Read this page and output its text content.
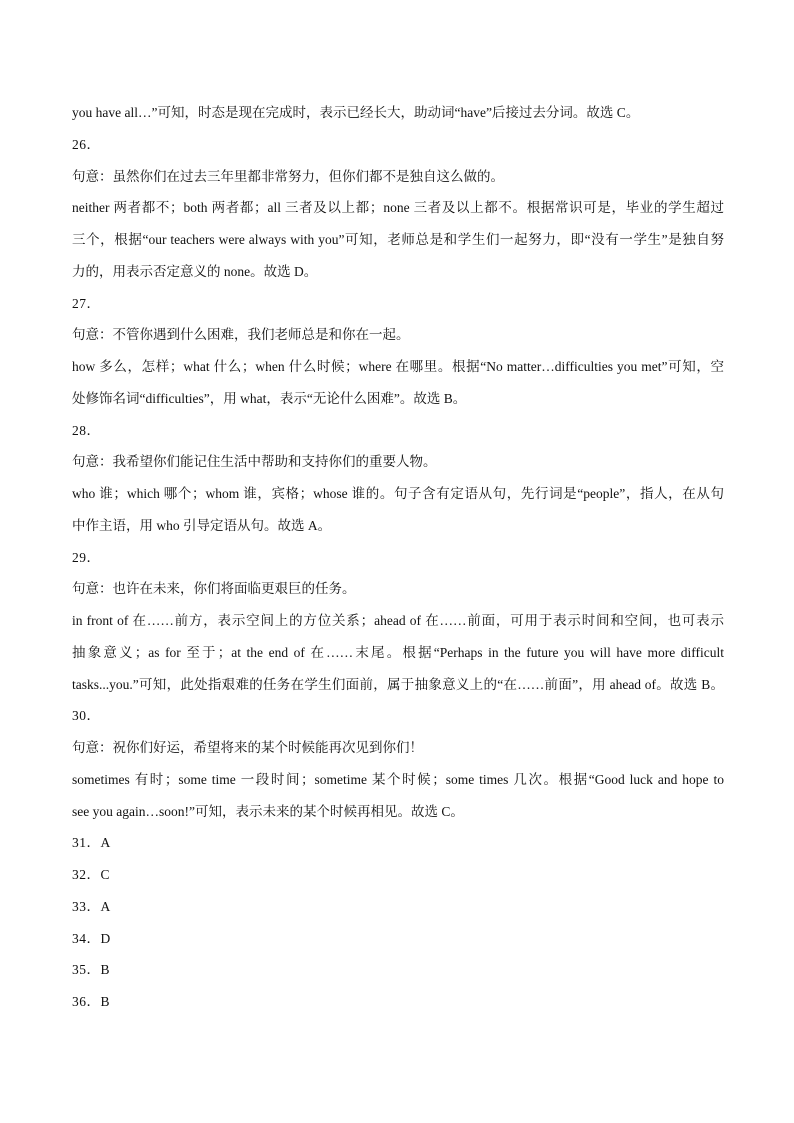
you have all…”可知，时态是现在完成时，表示已经长大，助动词“have”后接过去分词。故选 C。
26．
句意：虽然你们在过去三年里都非常努力，但你们都不是独自这么做的。
neither 两者都不；both 两者都；all 三者及以上都；none 三者及以上都不。根据常识可是，毕业的学生超过
三个，根据“our teachers were always with you”可知，老师总是和学生们一起努力，即“没有一学生”是独自努
力的，用表示否定意义的 none。故选 D。
27．
句意：不管你遇到什么困难，我们老师总是和你在一起。
how 多么，怎样；what 什么；when 什么时候；where 在哪里。根据“No matter…difficulties you met”可知，空
处修饰名词“difficulties”，用 what，表示“无论什么困难”。故选 B。
28．
句意：我希望你们能记住生活中帮助和支持你们的重要人物。
who 谁；which 哪个；whom 谁，宾格；whose 谁的。句子含有定语从句，先行词是“people”，指人，在从句
中作主语，用 who 引导定语从句。故选 A。
29．
句意：也许在未来，你们将面临更艰巨的任务。
in front of 在……前方，表示空间上的方位关系；ahead of 在……前面，可用于表示时间和空间，也可表示
抽象意义；as for 至于；at the end of 在……末尾。根据“Perhaps in the future you will have more difficult
tasks...you.”可知，此处指艰难的任务在学生们面前，属于抽象意义上的“在……前面”，用 ahead of。故选 B。
30．
句意：祝你们好运，希望将来的某个时候能再次见到你们！
sometimes 有时；some time 一段时间；sometime 某个时候；some times 几次。根据“Good luck and hope to
see you again…soon!”可知，表示未来的某个时候再相见。故选 C。
31．A
32．C
33．A
34．D
35．B
36．B
